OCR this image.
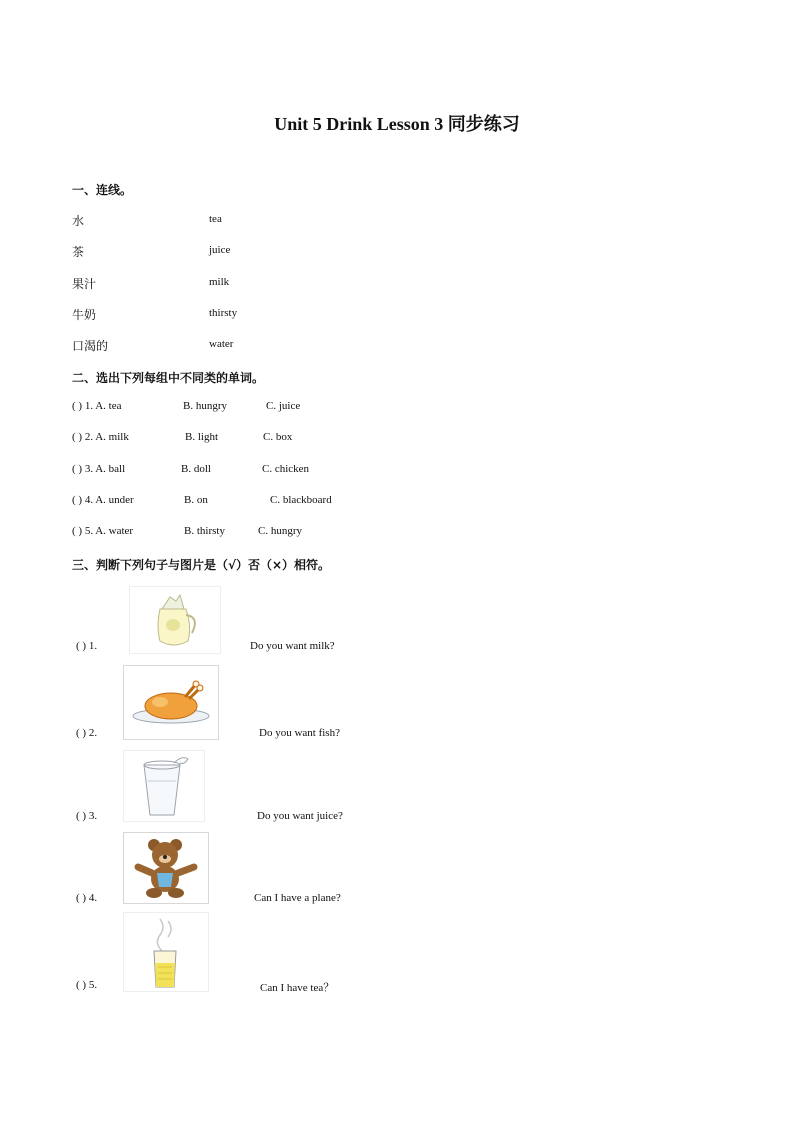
Unit 5 Drink Lesson 3 同步练习
一、连线。
水
茶
果汁
牛奶
口渴的
tea
juice
milk
thirsty
water
二、选出下列每组中不同类的单词。
( ) 1. A. tea	B. hungry	C. juice
( ) 2. A. milk	B. light	C. box
( ) 3. A. ball	B. doll	C. chicken
( ) 4. A. under	B. on	C. blackboard
( ) 5. A. water	B. thirsty	C. hungry
三、判断下列句子与图片是（√）否（×）相符。
( ) 1.	Do you want milk?
( ) 2.	Do you want fish?
( ) 3.	Do you want juice?
( ) 4.	Can I have a plane?
( ) 5.	Can I have tea？
